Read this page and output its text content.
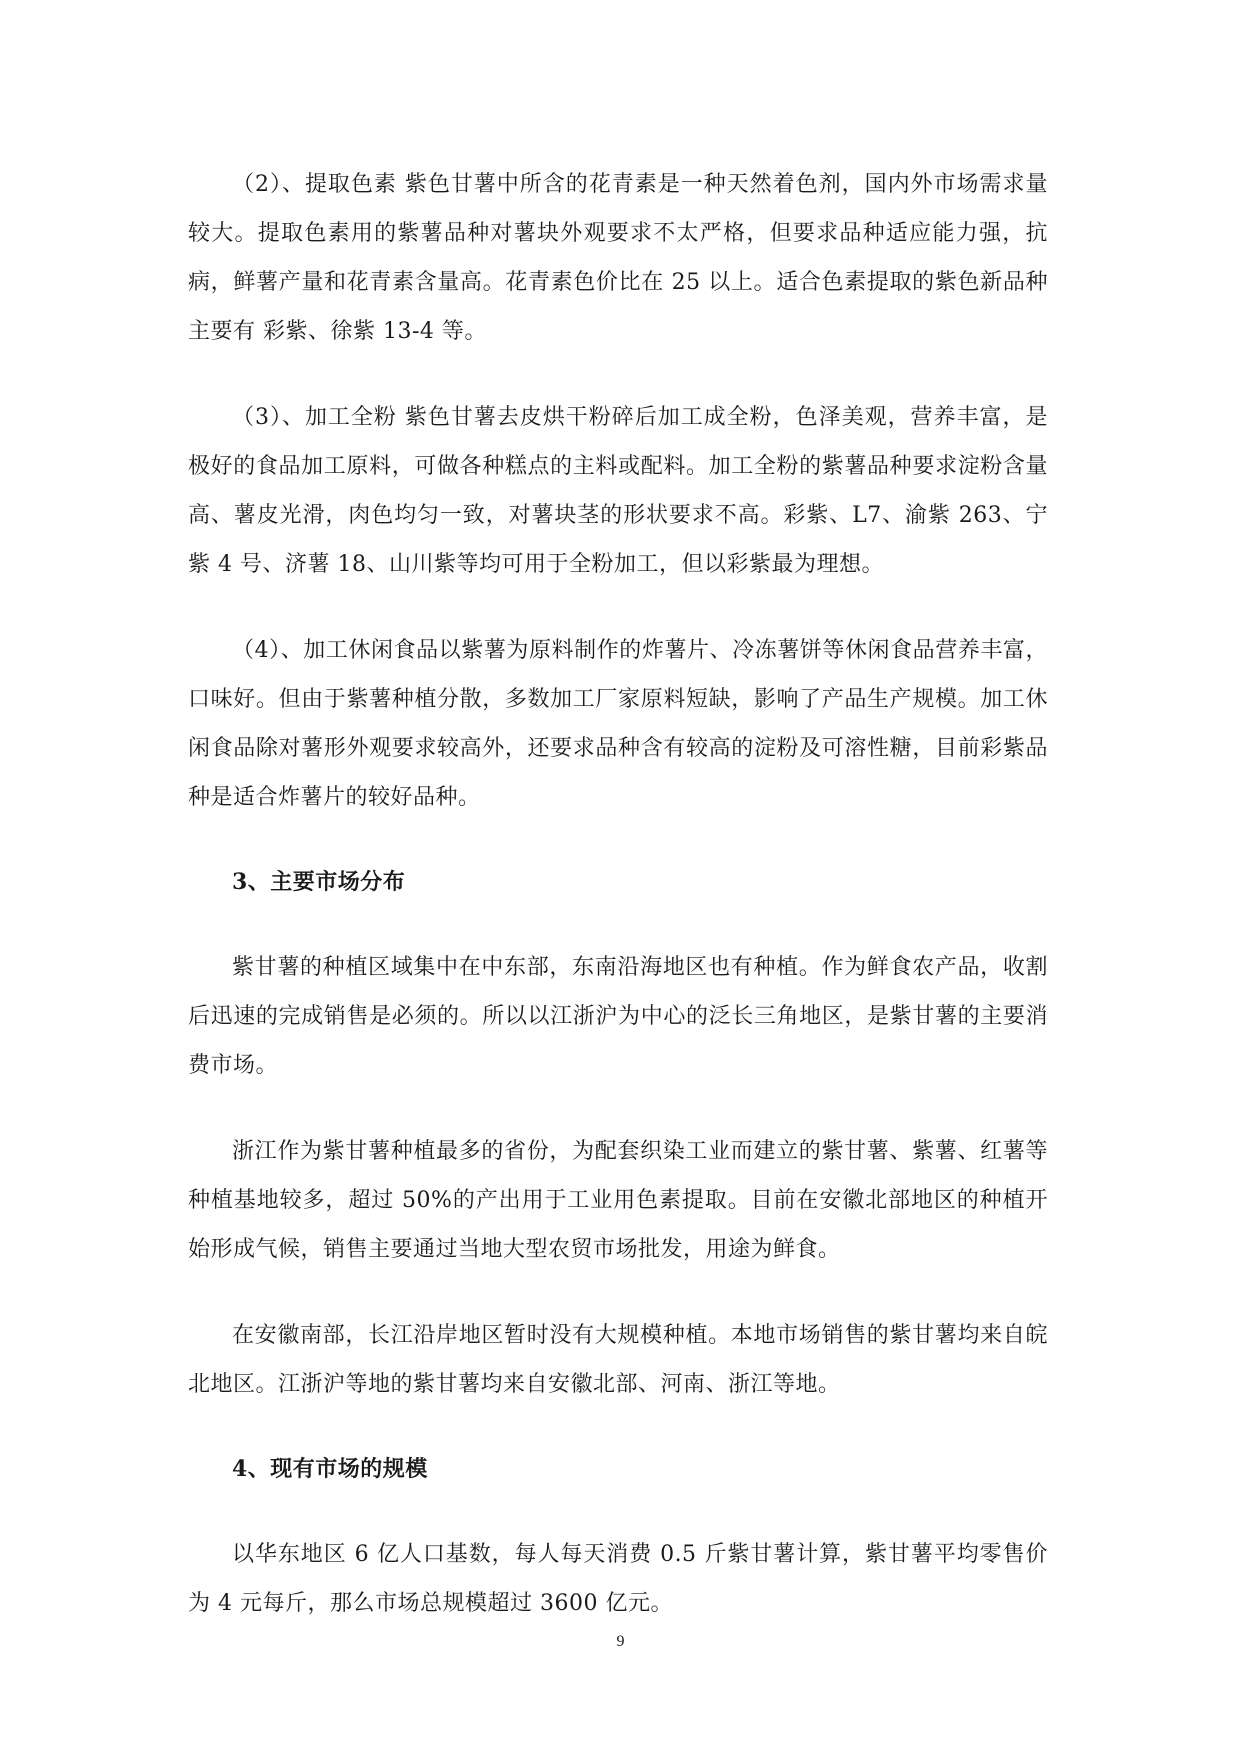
（2）、提取色素 紫色甘薯中所含的花青素是一种天然着色剂，国内外市场需求量较大。提取色素用的紫薯品种对薯块外观要求不太严格，但要求品种适应能力强，抗病，鲜薯产量和花青素含量高。花青素色价比在 25 以上。适合色素提取的紫色新品种主要有 彩紫、徐紫 13-4 等。

（3）、加工全粉 紫色甘薯去皮烘干粉碎后加工成全粉，色泽美观，营养丰富，是极好的食品加工原料，可做各种糕点的主料或配料。加工全粉的紫薯品种要求淀粉含量高、薯皮光滑，肉色均匀一致，对薯块茎的形状要求不高。彩紫、L7、渝紫 263、宁紫 4 号、济薯 18、山川紫等均可用于全粉加工，但以彩紫最为理想。

（4）、加工休闲食品以紫薯为原料制作的炸薯片、冷冻薯饼等休闲食品营养丰富，口味好。但由于紫薯种植分散，多数加工厂家原料短缺，影响了产品生产规模。加工休闲食品除对薯形外观要求较高外，还要求品种含有较高的淀粉及可溶性糖，目前彩紫品种是适合炸薯片的较好品种。

3、主要市场分布

紫甘薯的种植区域集中在中东部，东南沿海地区也有种植。作为鲜食农产品，收割后迅速的完成销售是必须的。所以以江浙沪为中心的泛长三角地区，是紫甘薯的主要消费市场。

浙江作为紫甘薯种植最多的省份，为配套织染工业而建立的紫甘薯、紫薯、红薯等种植基地较多，超过 50%的产出用于工业用色素提取。目前在安徽北部地区的种植开始形成气候，销售主要通过当地大型农贸市场批发，用途为鲜食。

在安徽南部，长江沿岸地区暂时没有大规模种植。本地市场销售的紫甘薯均来自皖北地区。江浙沪等地的紫甘薯均来自安徽北部、河南、浙江等地。

4、现有市场的规模

以华东地区 6 亿人口基数，每人每天消费 0.5 斤紫甘薯计算，紫甘薯平均零售价为 4 元每斤，那么市场总规模超过 3600 亿元。

9
